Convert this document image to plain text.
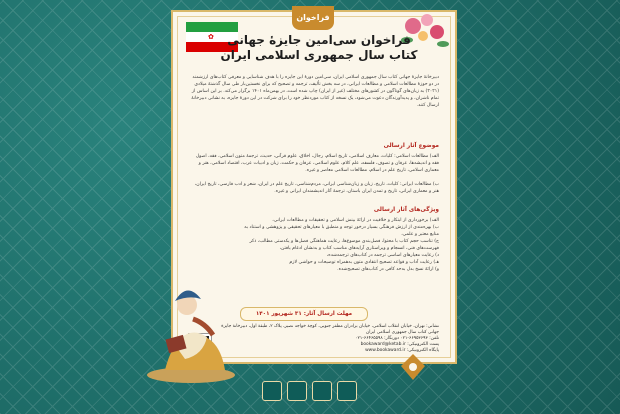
فراخوان
✿	فراخوان سی‌امین جایزهٔ جهانی
کتاب سال جمهوری اسلامی ایران
دبیرخانهٔ جایزهٔ جهانی کتاب سال جمهوری اسلامی ایران، سی‌امین دورهٔ این جایزه را با هدف شناسایی و معرفی کتاب‌های ارزشمند در دو حوزهٔ مطالعات اسلامی و مطالعات ایرانی، در سه بخش تألیف، ترجمه و تصحیح که برای نخستین‌بار طی سال گذشتهٔ میلادی (۲۰۲۱) به زبان‌های گوناگون در کشورهای مختلف (غیر از ایران) چاپ شده است، در بهمن‌ماه ۱۴۰۱ برگزار می‌کند. بر این اساس از تمام ناشران، و پدیدآورندگان دعوت می‌شود، یک نسخه از کتاب موردنظر خود را برای شرکت در این دورهٔ جایزه، به نشانی دبیرخانهٔ ارسال کنند.
موضوع آثار ارسالی
الف) مطالعات اسلامی: کلیات، معارف اسلامی، تاریخ اسلام، رجال، اخلاق، علوم قرآنی، حدیث، ترجمهٔ متون اسلامی، فقه، اصول فقه و اندیشه‌ها، عرفان و تصوف، فلسفه، علم کلام، علوم اسلامی، عرفان و حکمت، زبان و ادبیات عرب، اقتصاد اسلامی، هنر و معماری اسلامی، تاریخ علم در اسلام، مطالعات اسلامی معاصر و غیره.
ب) مطالعات ایرانی: کلیات، تاریخ، زبان و زبان‌شناسی ایرانی، مردم‌شناسی، تاریخ علم در ایران، شعر و ادب فارسی، تاریخ ایران، هنر و معماری ایرانی، تاریخ و تمدن ایران باستان، ترجمهٔ آثار اندیشمندان ایرانی و غیره.
ویژگی‌های آثار ارسالی
الف) برخورداری از ابتکار و خلاقیت در ارائهٔ بینش اسلامی و تحقیقات و مطالعات ایرانی،
ب) بهره‌مندی از ارزش فرهنگی بسیار درخور توجه و منطبق با معیارهای تحقیقی و پژوهشی و استناد به منابع معتبر و علمی،
ج) تناسب حجم کتاب با محتوا، فصل‌بندی موضوع‌ها، رعایت هماهنگی فصل‌ها و یکدستی مطالب، ذکر فهرست‌های فنی، انسجام و ویراستاری آرایه‌های مناسب کتاب و بدنشان ادغام یافتن،
د) رعایت معیارهای اساسی ترجمه در کتاب‌های ترجمه‌شده،
هـ) رعایت آداب و قواعد تصحیح انتقادی متون به‌همراه توضیحات و حواشی لازم
و) ارائهٔ نسخ بدل به‌حد کافی در کتاب‌های تصحیح‌شده.
مهلت ارسال آثار: ۳۱ شهریور ۱۴۰۱
نشانی: تهران، خیابان انقلاب اسلامی، خیابان برادران مظفر جنوبی، کوچهٔ خواجه نصیر، پلاک ۲، طبقهٔ اول، دبیرخانهٔ جایزهٔ جهانی کتاب سال جمهوری اسلامی ایران
تلفن: ۶۶۹۵۳۶۹۳-۰۲۱ دورنگار: ۶۶۴۶۵۵۹۸-۰۲۱
پست الکترونیکی: bookaward@ketab.ir
پایگاه الکترونیکی: www.bookaward.ir
